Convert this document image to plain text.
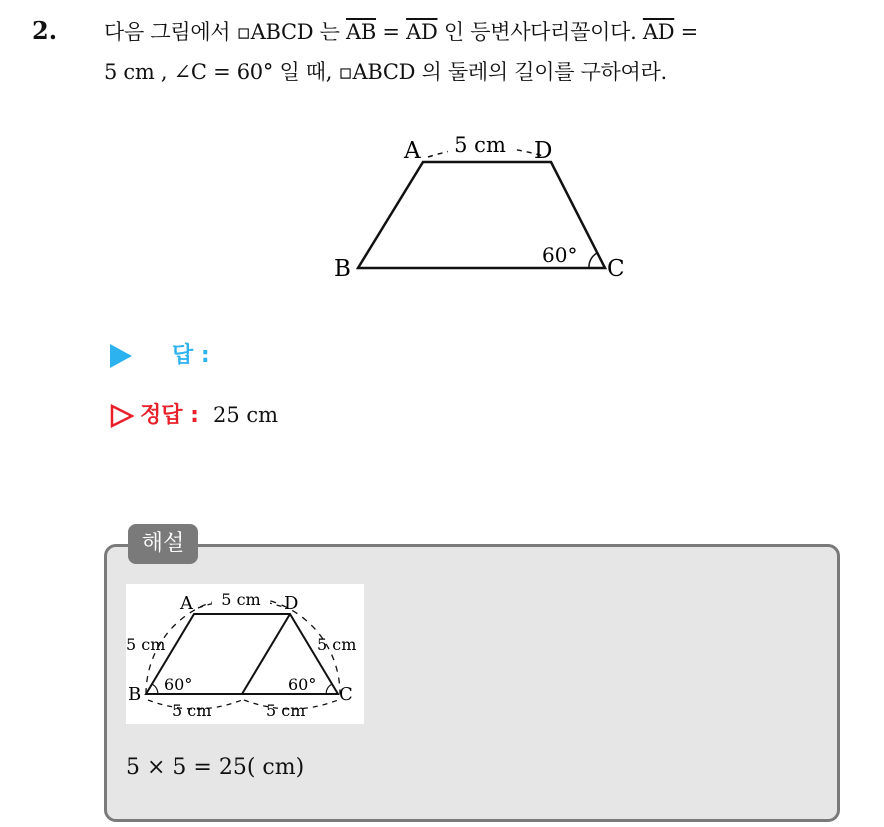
2. 다음 그림에서 ▫ABCD 는 $\overline{AB} = \overline{AD}$ 인 등변사다리꼴이다. $\overline{AD}$ =
5 cm , ∠C = 60° 일 때, ▫ABCD 의 둘레의 길이를 구하여라.
5 cm
A	D
B	C
60°
답 :
정답 : 25 cm
해설
5 cm
A	D
B	C
5 cm	5 cm
60°	60°
5 cm	5 cm
5 × 5 = 25( cm)
